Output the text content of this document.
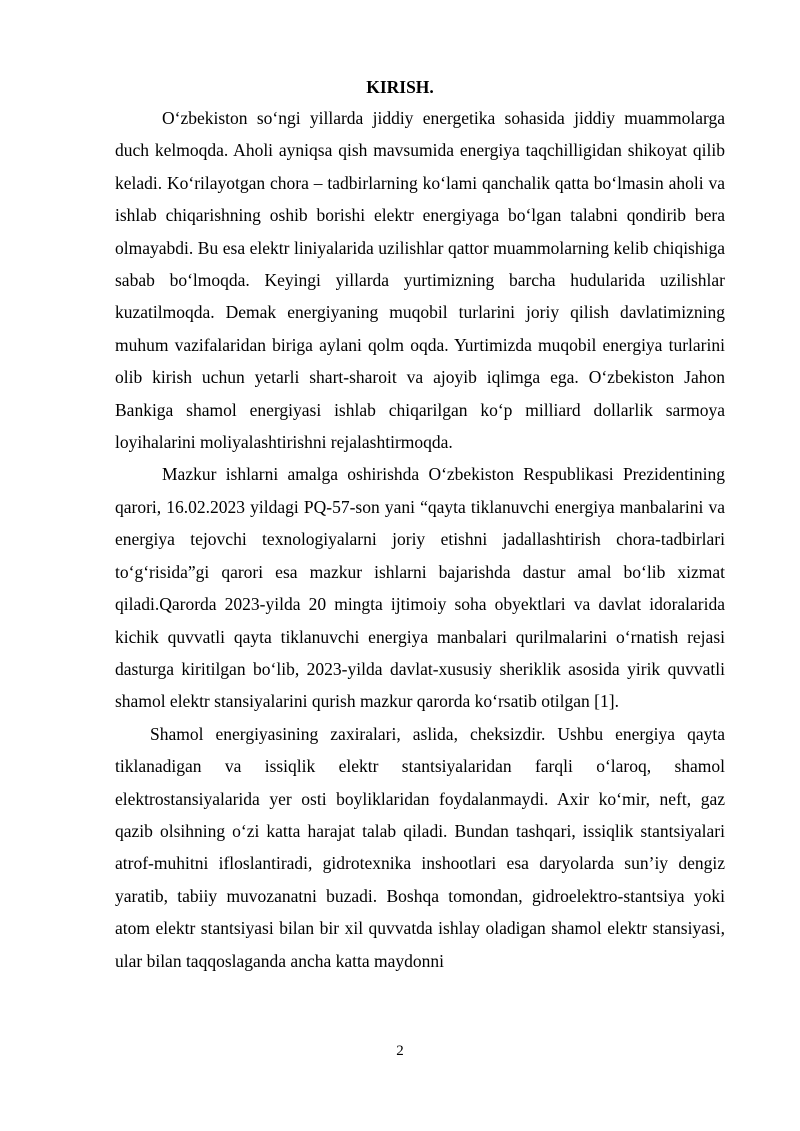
KIRISH.

O‘zbekiston so‘ngi yillarda jiddiy energetika sohasida jiddiy muammolarga duch kelmoqda. Aholi ayniqsa qish mavsumida energiya taqchilligidan shikoyat qilib keladi. Ko‘rilayotgan chora – tadbirlarning ko‘lami qanchalik qatta bo‘lmasin aholi va ishlab chiqarishning oshib borishi elektr energiyaga bo‘lgan talabni qondirib bera olmayabdi. Bu esa elektr liniyalarida uzilishlar qattor muammolarning kelib chiqishiga sabab bo‘lmoqda. Keyingi yillarda yurtimizning barcha hudularida uzilishlar kuzatilmoqda. Demak energiyaning muqobil turlarini joriy qilish davlatimizning muhum vazifalaridan biriga aylani qolm oqda. Yurtimizda muqobil energiya turlarini olib kirish uchun yetarli shart-sharoit va ajoyib iqlimga ega. O‘zbekiston Jahon Bankiga shamol energiyasi ishlab chiqarilgan ko‘p milliard dollarlik sarmoya loyihalarini moliyalashtirishni rejalashtirmoqda.

Mazkur ishlarni amalga oshirishda O‘zbekiston Respublikasi Prezidentining qarori, 16.02.2023 yildagi PQ-57-son yani “qayta tiklanuvchi energiya manbalarini va energiya tejovchi texnologiyalarni joriy etishni jadallashtirish chora-tadbirlari to‘g‘risida”gi qarori esa mazkur ishlarni bajarishda dastur amal bo‘lib xizmat qiladi.Qarorda 2023-yilda 20 mingta ijtimoiy soha obyektlari va davlat idoralarida kichik quvvatli qayta tiklanuvchi energiya manbalari qurilmalarini o‘rnatish rejasi dasturga kiritilgan bo‘lib, 2023-yilda davlat-xususiy sheriklik asosida yirik quvvatli shamol elektr stansiyalarini qurish mazkur qarorda ko‘rsatib otilgan [1].

Shamol energiyasining zaxiralari, aslida, cheksizdir. Ushbu energiya qayta tiklanadigan va issiqlik elektr stantsiyalaridan farqli o‘laroq, shamol elektrostansiyalarida yer osti boyliklaridan foydalanmaydi. Axir ko‘mir, neft, gaz qazib olsihning o‘zi katta harajat talab qiladi. Bundan tashqari, issiqlik stantsiyalari atrof-muhitni ifloslantiradi, gidrotexnika inshootlari esa daryolarda sun’iy dengiz yaratib, tabiiy muvozanatni buzadi. Boshqa tomondan, gidroelektro-stantsiya yoki atom elektr stantsiyasi bilan bir xil quvvatda ishlay oladigan shamol elektr stansiyasi, ular bilan taqqoslaganda ancha katta maydonni

2
